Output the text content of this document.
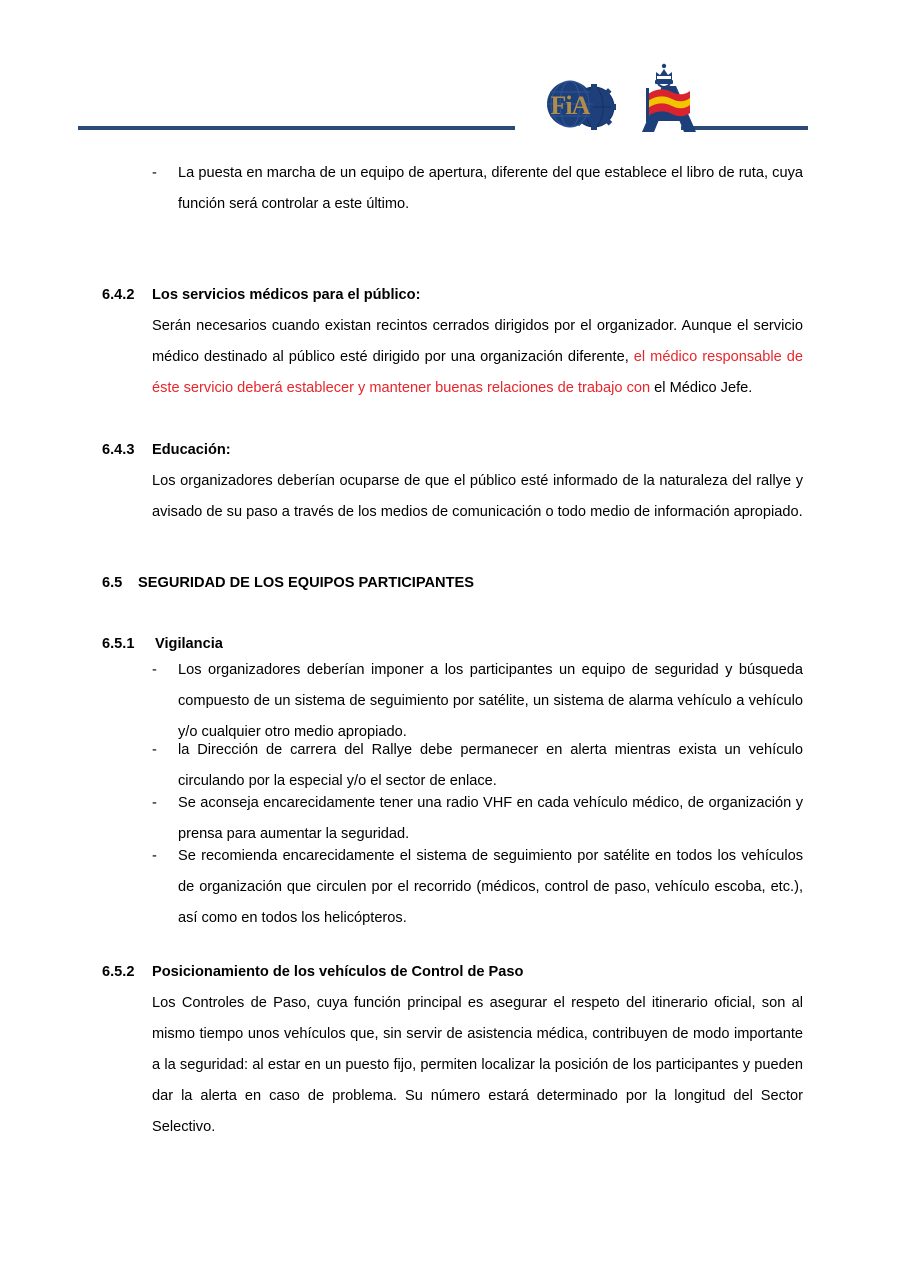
FiA
- La puesta en marcha de un equipo de apertura, diferente del que establece el libro de ruta, cuya función será controlar a este último.
6.4.2 Los servicios médicos para el público:
Serán necesarios cuando existan recintos cerrados dirigidos por el organizador. Aunque el servicio médico destinado al público esté dirigido por una organización diferente, el médico responsable de éste servicio deberá establecer y mantener buenas relaciones de trabajo con el Médico Jefe.
6.4.3 Educación:
Los organizadores deberían ocuparse de que el público esté informado de la naturaleza del rallye y avisado de su paso a través de los medios de comunicación o todo medio de información apropiado.
6.5 SEGURIDAD DE LOS EQUIPOS PARTICIPANTES
6.5.1 Vigilancia
- Los organizadores deberían imponer a los participantes un equipo de seguridad y búsqueda compuesto de un sistema de seguimiento por satélite, un sistema de alarma vehículo a vehículo y/o cualquier otro medio apropiado.
- la Dirección de carrera del Rallye debe permanecer en alerta mientras exista un vehículo circulando por la especial y/o el sector de enlace.
- Se aconseja encarecidamente tener una radio VHF en cada vehículo médico, de organización y prensa para aumentar la seguridad.
- Se recomienda encarecidamente el sistema de seguimiento por satélite en todos los vehículos de organización que circulen por el recorrido (médicos, control de paso, vehículo escoba, etc.), así como en todos los helicópteros.
6.5.2 Posicionamiento de los vehículos de Control de Paso
Los Controles de Paso, cuya función principal es asegurar el respeto del itinerario oficial, son al mismo tiempo unos vehículos que, sin servir de asistencia médica, contribuyen de modo importante a la seguridad: al estar en un puesto fijo, permiten localizar la posición de los participantes y pueden dar la alerta en caso de problema. Su número estará determinado por la longitud del Sector Selectivo.
